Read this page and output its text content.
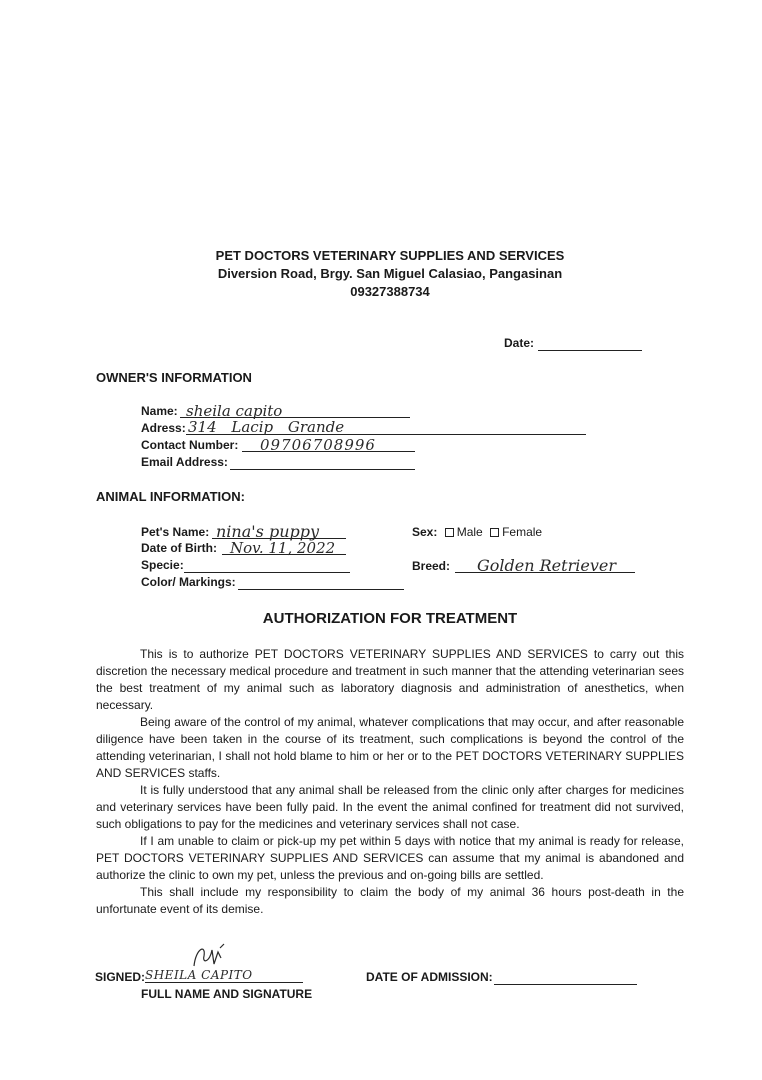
PET DOCTORS VETERINARY SUPPLIES AND SERVICES
Diversion Road, Brgy. San Miguel Calasiao, Pangasinan
09327388734
Date:
OWNER'S INFORMATION
Name: sheila capito
Adress: 314 Lacip Grande
Contact Number:	09706708996
Email Address:
ANIMAL INFORMATION:
Pet's Name: nina's puppy
Date of Birth: Nov. 11, 2022
Specie:
Color/ Markings:
Sex: Male Female
Breed:	Golden Retriever
AUTHORIZATION FOR TREATMENT
This is to authorize PET DOCTORS VETERINARY SUPPLIES AND SERVICES to carry out this discretion the necessary medical procedure and treatment in such manner that the attending veterinarian sees the best treatment of my animal such as laboratory diagnosis and administration of anesthetics, when necessary.
Being aware of the control of my animal, whatever complications that may occur, and after reasonable diligence have been taken in the course of its treatment, such complications is beyond the control of the attending veterinarian, I shall not hold blame to him or her or to the PET DOCTORS VETERINARY SUPPLIES AND SERVICES staffs.
It is fully understood that any animal shall be released from the clinic only after charges for medicines and veterinary services have been fully paid. In the event the animal confined for treatment did not survived, such obligations to pay for the medicines and veterinary services shall not case.
If I am unable to claim or pick-up my pet within 5 days with notice that my animal is ready for release, PET DOCTORS VETERINARY SUPPLIES AND SERVICES can assume that my animal is abandoned and authorize the clinic to own my pet, unless the previous and on-going bills are settled.
This shall include my responsibility to claim the body of my animal 36 hours post-death in the unfortunate event of its demise.
SIGNED: SHEILA CAPITO
FULL NAME AND SIGNATURE
DATE OF ADMISSION:
